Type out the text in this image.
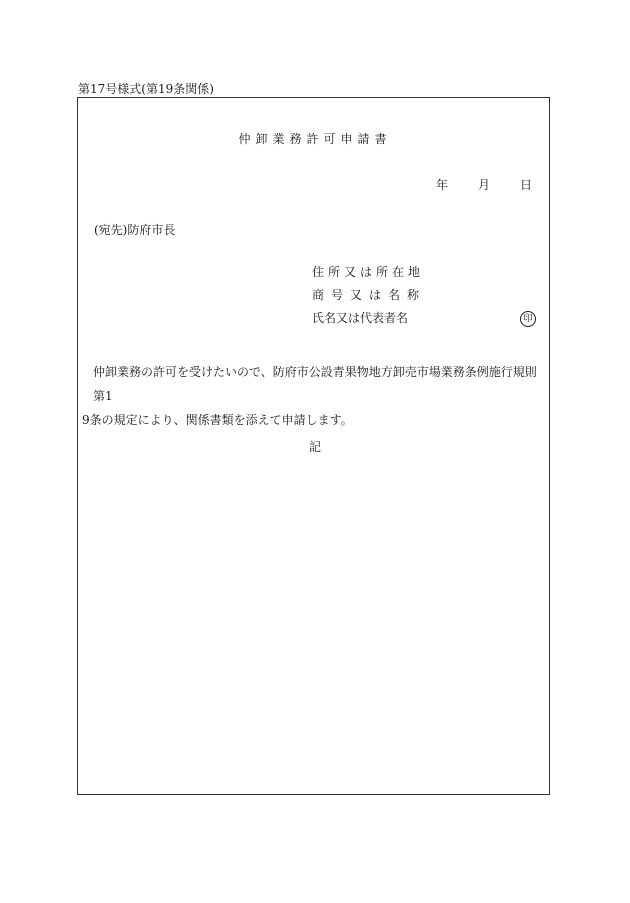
第17号様式(第19条関係)
仲卸業務許可申請書
年	月	日
(宛先)防府市長
住所又は所在地
商号又は名称
氏名又は代表者名	印

仲卸業務の許可を受けたいので、防府市公設青果物地方卸売市場業務条例施行規則第1

9条の規定により、関係書類を添えて申請します。

記
